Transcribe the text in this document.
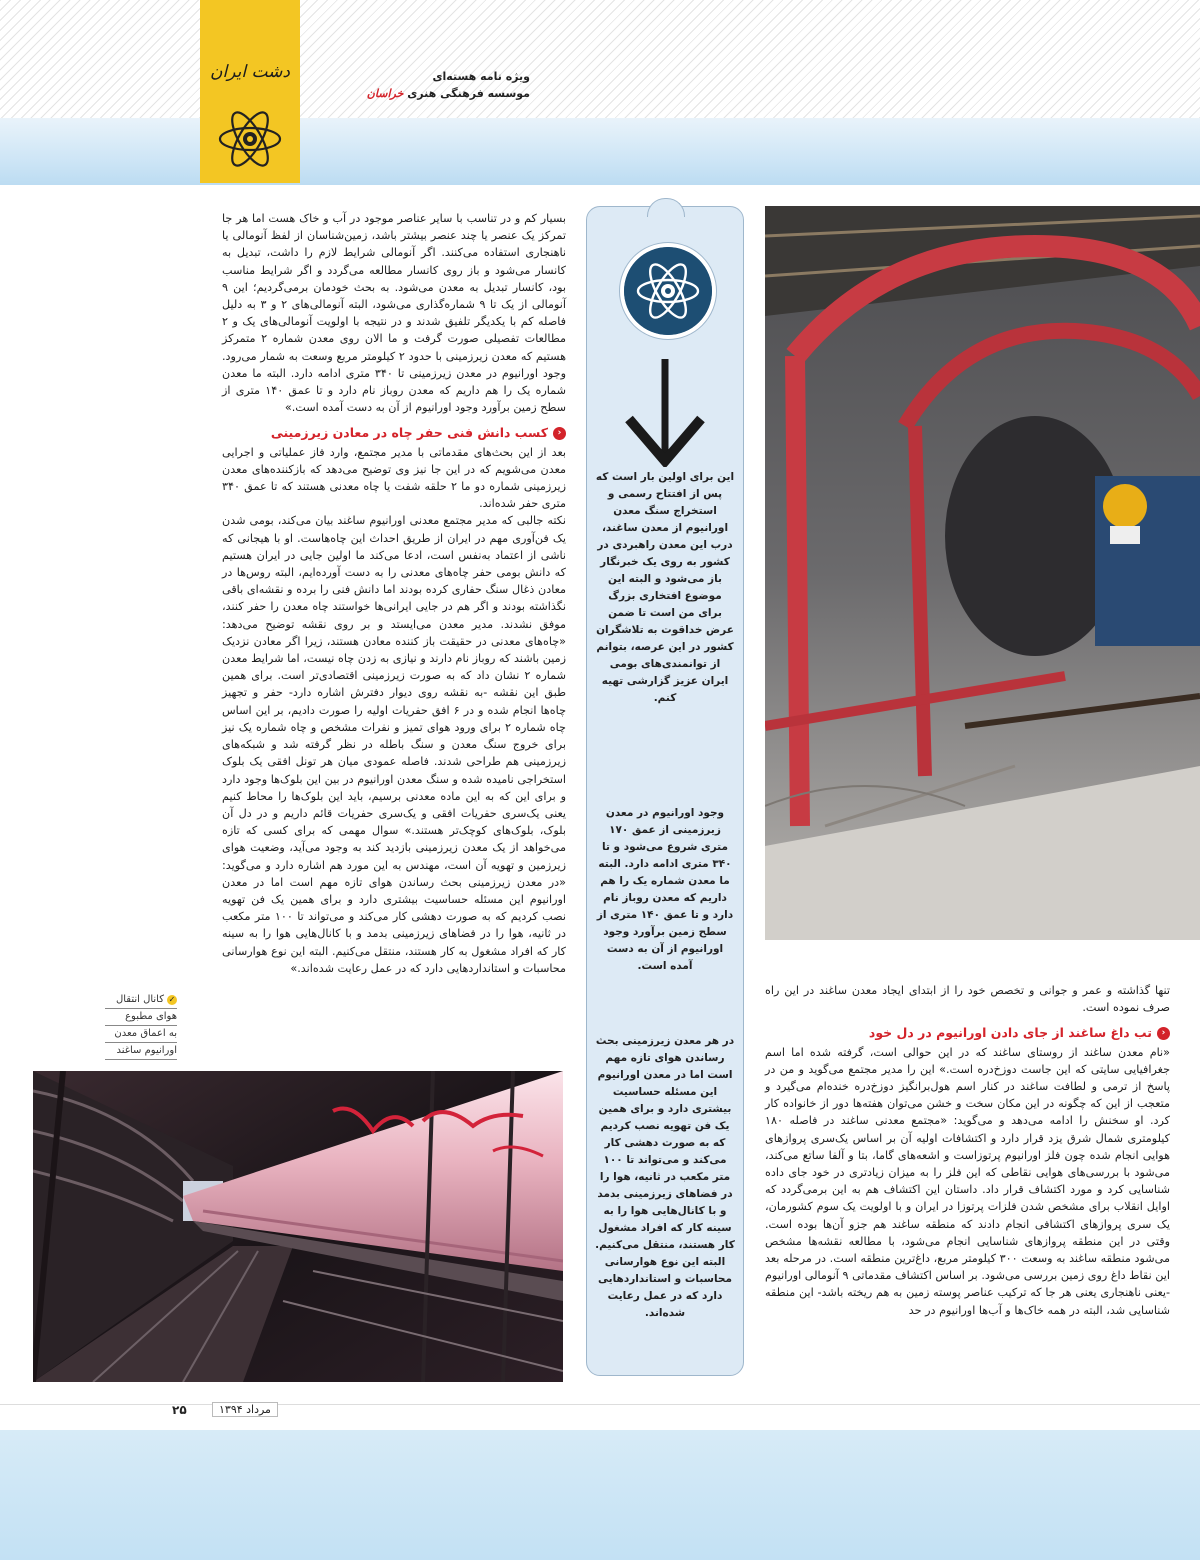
دشت ایران	ویژه نامه هسته‌ای
موسسه فرهنگی هنری خراسان

بسیار کم و در تناسب با سایر عناصر موجود در آب و خاک هست اما هر جا تمرکز یک عنصر یا چند عنصر بیشتر باشد، زمین‌شناسان از لفظ آنومالی یا ناهنجاری استفاده می‌کنند. اگر آنومالی شرایط لازم را داشت، تبدیل به کانسار می‌شود و باز روی کانسار مطالعه می‌گردد و اگر شرایط مناسب بود، کانسار تبدیل به معدن می‌شود. به بحث خودمان برمی‌گردیم؛ این ۹ آنومالی از یک تا ۹ شماره‌گذاری می‌شود، البته آنومالی‌های ۲ و ۳ به دلیل فاصله کم با یکدیگر تلفیق شدند و در نتیجه با اولویت آنومالی‌های یک و ۲ مطالعات تفصیلی صورت گرفت و ما الان روی معدن شماره ۲ متمرکز هستیم که معدن زیرزمینی با حدود ۲ کیلومتر مربع وسعت به شمار می‌رود. وجود اورانیوم در معدن زیرزمینی تا ۳۴۰ متری ادامه دارد. البته ما معدن شماره یک را هم داریم که معدن روباز نام دارد و تا عمق ۱۴۰ متری از سطح زمین برآورد وجود اورانیوم از آن به دست آمده است.»

‹
کسب دانش فنی حفر چاه در معادن زیرزمینی

بعد از این بحث‌های مقدماتی با مدیر مجتمع، وارد فاز عملیاتی و اجرایی معدن می‌شویم که در این جا نیز وی توضیح می‌دهد که بازکننده‌های معدن زیرزمینی شماره دو ما ۲ حلقه شفت یا چاه معدنی هستند که تا عمق ۳۴۰ متری حفر شده‌اند.

نکته جالبی که مدیر مجتمع معدنی اورانیوم ساغند بیان می‌کند، بومی شدن یک فن‌آوری مهم در ایران از طریق احداث این چاه‌هاست. او با هیجانی که ناشی از اعتماد به‌نفس است، ادعا می‌کند ما اولین جایی در ایران هستیم که دانش بومی حفر چاه‌های معدنی را به دست آورده‌ایم، البته روس‌ها در معادن ذغال سنگ حفاری کرده بودند اما دانش فنی را برده و نقشه‌ای باقی نگذاشته بودند و اگر هم در جایی ایرانی‌ها خواستند چاه معدن را حفر کنند، موفق نشدند. مدیر معدن می‌ایستد و بر روی نقشه توضیح می‌دهد: «چاه‌های معدنی در حقیقت باز کننده معادن هستند، زیرا اگر معادن نزدیک زمین باشند که روباز نام دارند و نیازی به زدن چاه نیست، اما شرایط معدن شماره ۲ نشان داد که به صورت زیرزمینی اقتصادی‌تر است. برای همین طبق این نقشه -به نقشه روی دیوار دفترش اشاره دارد- حفر و تجهیز چاه‌ها انجام شده و در ۶ افق حفریات اولیه را صورت دادیم، بر این اساس چاه شماره ۲ برای ورود هوای تمیز و نفرات مشخص و چاه شماره یک نیز برای خروج سنگ معدن و سنگ باطله در نظر گرفته شد و شبکه‌های زیرزمینی هم طراحی شدند. فاصله عمودی میان هر تونل افقی یک بلوک استخراجی نامیده شده و سنگ معدن اورانیوم در بین این بلوک‌ها وجود دارد و برای این که به این ماده معدنی برسیم، باید این بلوک‌ها را محاط کنیم یعنی یک‌سری حفریات افقی و یک‌سری حفریات قائم داریم و در دل آن بلوک، بلوک‌های کوچک‌تر هستند.» سوال مهمی که برای کسی که تازه می‌خواهد از یک معدن زیرزمینی بازدید کند به وجود می‌آید، وضعیت هوای زیرزمین و تهویه آن است، مهندس به این مورد هم اشاره دارد و می‌گوید: «در معدن زیرزمینی بحث رساندن هوای تازه مهم است اما در معدن اورانیوم این مسئله حساسیت بیشتری دارد و برای همین یک فن تهویه نصب کردیم که به صورت دهشی کار می‌کند و می‌تواند تا ۱۰۰ متر مکعب در ثانیه، هوا را در فضاهای زیرزمینی بدمد و با کانال‌هایی هوا را به سینه کار که افراد مشغول به کار هستند، منتقل می‌کنیم. البته این نوع هوارسانی محاسبات و استانداردهایی دارد که در عمل رعایت شده‌اند.»

✓کانال انتقال
هوای مطبوع
به اعماق معدن
اورانیوم ساغند
این برای اولین بار است که پس از افتتاح رسمی و استخراج سنگ معدن اورانیوم از معدن ساغند، درب این معدن راهبردی در کشور به روی یک خبرنگار باز می‌شود و البته این موضوع افتخاری بزرگ برای من است تا ضمن عرض خداقوت به تلاشگران کشور در این عرصه، بتوانم از توانمندی‌های بومی ایران عزیز گزارشی تهیه کنم.
وجود اورانیوم در معدن زیرزمینی از عمق ۱۷۰ متری شروع می‌شود و تا ۳۴۰ متری ادامه دارد. البته ما معدن شماره یک را هم داریم که معدن روباز نام دارد و تا عمق ۱۴۰ متری از سطح زمین برآورد وجود اورانیوم از آن به دست آمده است.
در هر معدن زیرزمینی بحث رساندن هوای تازه مهم است اما در معدن اورانیوم این مسئله حساسیت بیشتری دارد و برای همین یک فن تهویه نصب کردیم که به صورت دهشی کار می‌کند و می‌تواند تا ۱۰۰ متر مکعب در ثانیه، هوا را در فضاهای زیرزمینی بدمد و با کانال‌هایی هوا را به سینه کار که افراد مشغول کار هستند، منتقل می‌کنیم. البته این نوع هوارسانی محاسبات و استانداردهایی دارد که در عمل رعایت شده‌اند.

تنها گذاشته و عمر و جوانی و تخصص خود را از ابتدای ایجاد معدن ساغند در این راه صرف نموده است.

‹
تب داغ ساغند از جای دادن اورانیوم در دل خود

«نام معدن ساغند از روستای ساغند که در این حوالی است، گرفته شده اما اسم جغرافیایی سایتی که این جاست دوزخ‌دره است.» این را مدیر مجتمع می‌گوید و من در پاسخ از ترمی و لطافت ساغند در کنار اسم هول‌برانگیز دوزخ‌دره خنده‌ام می‌گیرد و متعجب از این که چگونه در این مکان سخت و خشن می‌توان هفته‌ها دور از خانواده کار کرد. او سخنش را ادامه می‌دهد و می‌گوید: «مجتمع معدنی ساغند در فاصله ۱۸۰ کیلومتری شمال شرق یزد قرار دارد و اکتشافات اولیه آن بر اساس یک‌سری پروازهای هوایی انجام شده چون فلز اورانیوم پرتوزاست و اشعه‌های گاما، بتا و آلفا ساتع می‌کند، می‌شود با بررسی‌های هوایی نقاطی که این فلز را به میزان زیادتری در خود جای داده شناسایی کرد و مورد اکتشاف قرار داد. داستان این اکتشاف هم به این برمی‌گردد که اوایل انقلاب برای مشخص شدن فلزات پرتوزا در ایران و با اولویت یک سوم کشورمان، یک سری پروازهای اکتشافی انجام دادند که منطقه ساغند هم جزو آن‌ها بوده است. وقتی در این منطقه پروازهای شناسایی انجام می‌شود، با مطالعه نقشه‌ها مشخص می‌شود منطقه ساغند به وسعت ۳۰۰ کیلومتر مربع، داغ‌ترین منطقه است. در مرحله بعد این نقاط داغ روی زمین بررسی می‌شود. بر اساس اکتشاف مقدماتی ۹ آنومالی اورانیوم -یعنی ناهنجاری یعنی هر جا که ترکیب عناصر پوسته زمین به هم ریخته باشد- این منطقه شناسایی شد، البته در همه خاک‌ها و آب‌ها اورانیوم در حد

۲۵	مرداد ۱۳۹۴
